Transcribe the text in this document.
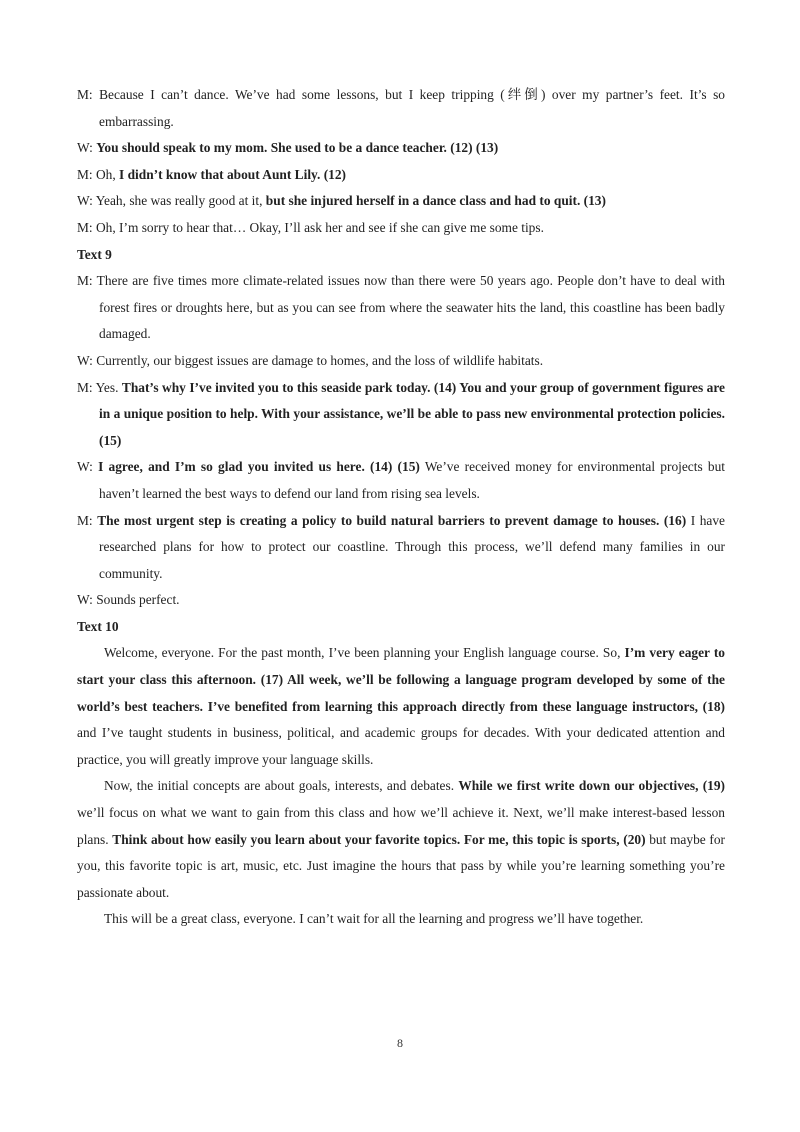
M: Because I can’t dance. We’ve had some lessons, but I keep tripping (绊倒) over my partner’s feet. It’s so embarrassing.

W: You should speak to my mom. She used to be a dance teacher. (12) (13)

M: Oh, I didn’t know that about Aunt Lily. (12)

W: Yeah, she was really good at it, but she injured herself in a dance class and had to quit. (13)

M: Oh, I’m sorry to hear that… Okay, I’ll ask her and see if she can give me some tips.

Text 9

M: There are five times more climate-related issues now than there were 50 years ago. People don’t have to deal with forest fires or droughts here, but as you can see from where the seawater hits the land, this coastline has been badly damaged.

W: Currently, our biggest issues are damage to homes, and the loss of wildlife habitats.

M: Yes. That’s why I’ve invited you to this seaside park today. (14) You and your group of government figures are in a unique position to help. With your assistance, we’ll be able to pass new environmental protection policies. (15)

W: I agree, and I’m so glad you invited us here. (14) (15) We’ve received money for environmental projects but haven’t learned the best ways to defend our land from rising sea levels.

M: The most urgent step is creating a policy to build natural barriers to prevent damage to houses. (16) I have researched plans for how to protect our coastline. Through this process, we’ll defend many families in our community.

W: Sounds perfect.

Text 10

Welcome, everyone. For the past month, I’ve been planning your English language course. So, I’m very eager to start your class this afternoon. (17) All week, we’ll be following a language program developed by some of the world’s best teachers. I’ve benefited from learning this approach directly from these language instructors, (18) and I’ve taught students in business, political, and academic groups for decades. With your dedicated attention and practice, you will greatly improve your language skills.

Now, the initial concepts are about goals, interests, and debates. While we first write down our objectives, (19) we’ll focus on what we want to gain from this class and how we’ll achieve it. Next, we’ll make interest-based lesson plans. Think about how easily you learn about your favorite topics. For me, this topic is sports, (20) but maybe for you, this favorite topic is art, music, etc. Just imagine the hours that pass by while you’re learning something you’re passionate about.

This will be a great class, everyone. I can’t wait for all the learning and progress we’ll have together.

8
